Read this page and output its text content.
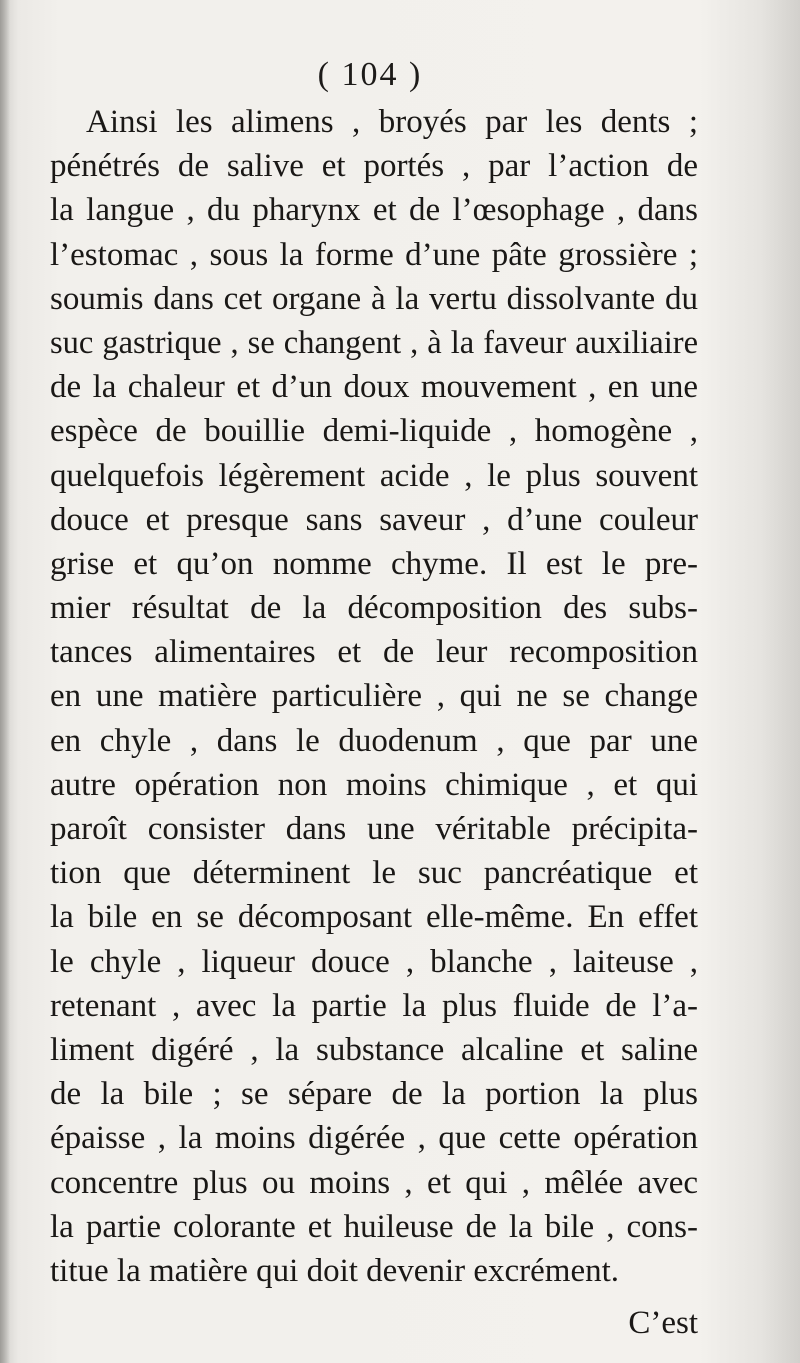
( 104 )
Ainsi les alimens , broyés par les dents ;
pénétrés de salive et portés , par l’action de
la langue , du pharynx et de l’œsophage , dans
l’estomac , sous la forme d’une pâte grossière ;
soumis dans cet organe à la vertu dissolvante du
suc gastrique , se changent , à la faveur auxiliaire
de la chaleur et d’un doux mouvement , en une
espèce de bouillie demi-liquide , homogène ,
quelquefois légèrement acide , le plus souvent
douce et presque sans saveur , d’une couleur
grise et qu’on nomme chyme. Il est le pre-
mier résultat de la décomposition des subs-
tances alimentaires et de leur recomposition
en une matière particulière , qui ne se change
en chyle , dans le duodenum , que par une
autre opération non moins chimique , et qui
paroît consister dans une véritable précipita-
tion que déterminent le suc pancréatique et
la bile en se décomposant elle-même. En effet
le chyle , liqueur douce , blanche , laiteuse ,
retenant , avec la partie la plus fluide de l’a-
liment digéré , la substance alcaline et saline
de la bile ; se sépare de la portion la plus
épaisse , la moins digérée , que cette opération
concentre plus ou moins , et qui , mêlée avec
la partie colorante et huileuse de la bile , cons-
titue la matière qui doit devenir excrément.
C’est
